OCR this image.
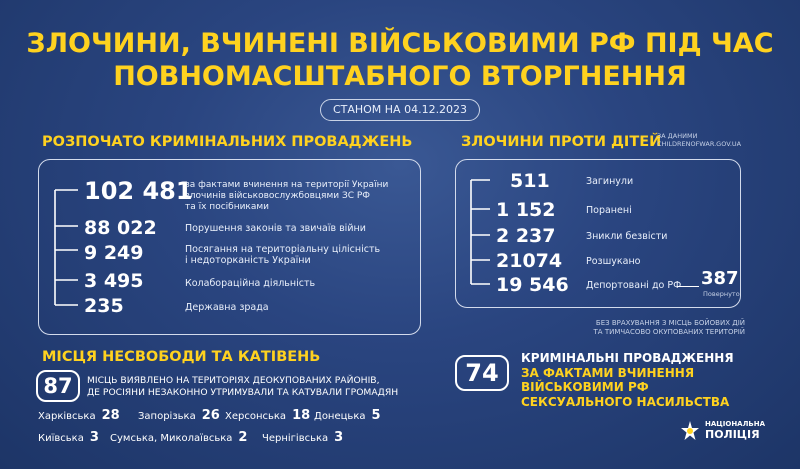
ЗЛОЧИНИ, ВЧИНЕНІ ВІЙСЬКОВИМИ РФ ПІД ЧАС
ПОВНОМАСШТАБНОГО ВТОРГНЕННЯ
СТАНОМ НА 04.12.2023
РОЗПОЧАТО КРИМІНАЛЬНИХ ПРОВАДЖЕНЬ
102 481
за фактами вчинення на території України
злочинів військовослужбовцями ЗС РФ
та їх посібниками
88 022	Порушення законів та звичаїв війни
9 249	Посягання на територіальну цілісність
і недоторканість України
3 495	Колабораційна діяльність
235	Державна зрада
ЗЛОЧИНИ ПРОТИ ДІТЕЙ
ЗА ДАНИМИ
CHILDRENOFWAR.GOV.UA
511	Загинули
1 152	Поранені
2 237	Зникли безвісти
21074	Розшукано
19 546 Депортовані до РФ 387
Повернуто
БЕЗ ВРАХУВАННЯ З МІСЦЬ БОЙОВИХ ДІЙ
ТА ТИМЧАСОВО ОКУПОВАНИХ ТЕРИТОРІЙ
МІСЦЯ НЕСВОБОДИ ТА КАТІВЕНЬ
87	МІСЦЬ ВИЯВЛЕНО НА ТЕРИТОРІЯХ ДЕОКУПОВАНИХ РАЙОНІВ,
ДЕ РОСІЯНИ НЕЗАКОННО УТРИМУВАЛИ ТА КАТУВАЛИ ГРОМАДЯН
Харківська 28 Запорізька 26 Херсонська 18 Донецька 5
Київська 3 Сумська, Миколаївська 2 Чернігівська 3
74
КРИМІНАЛЬНІ ПРОВАДЖЕННЯ
ЗА ФАКТАМИ ВЧИНЕННЯ
ВІЙСЬКОВИМИ РФ
СЕКСУАЛЬНОГО НАСИЛЬСТВА
НАЦІОНАЛЬНА
ПОЛІЦІЯ
